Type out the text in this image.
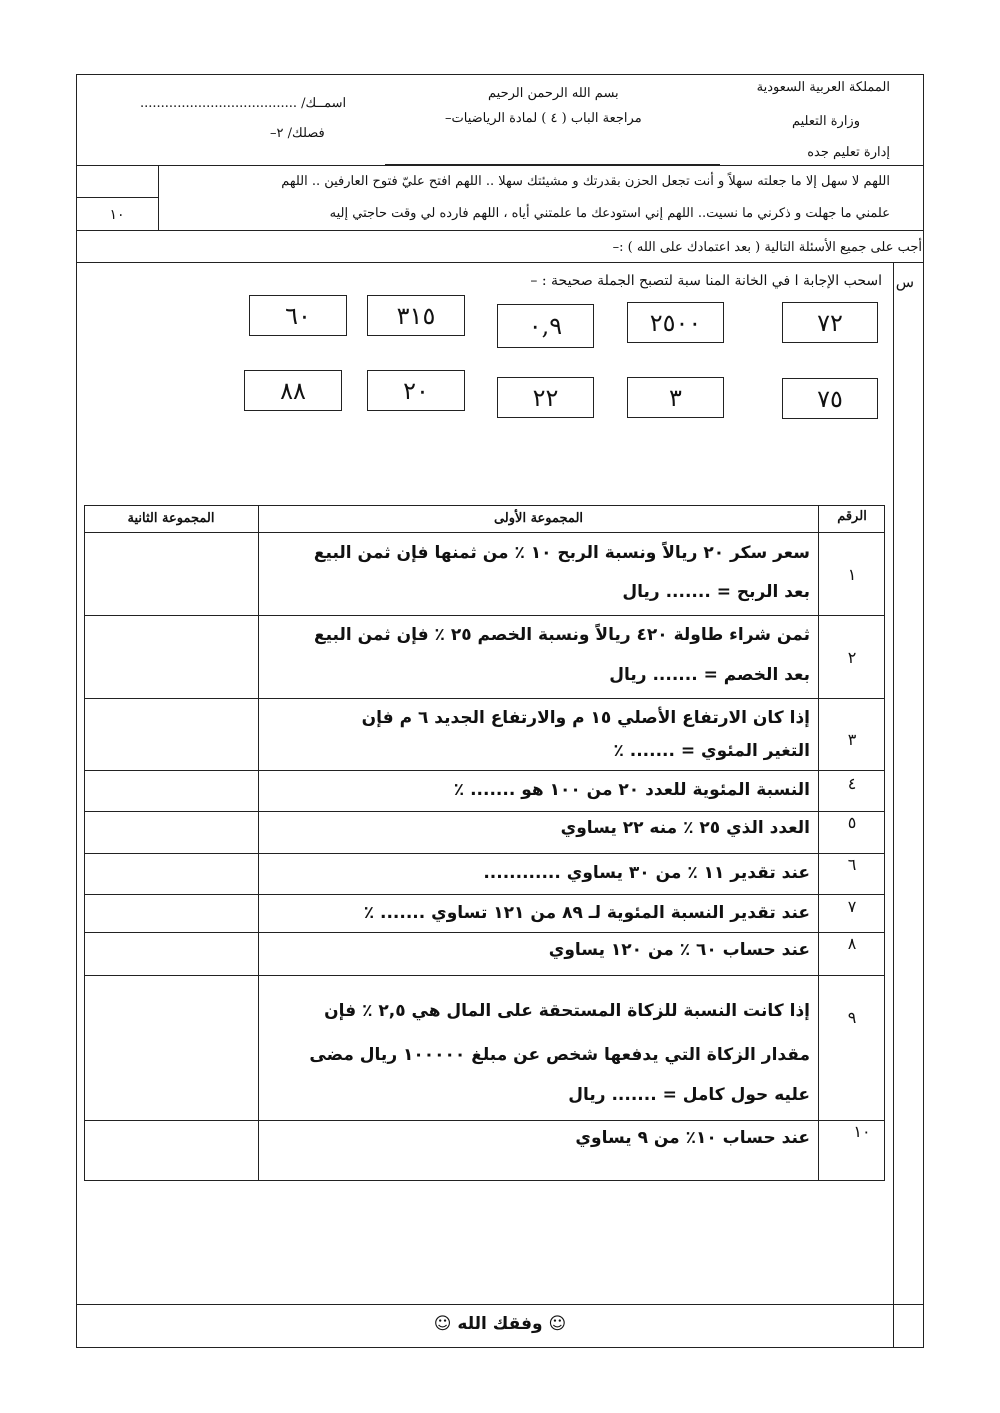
المملكة العربية السعودية
وزارة التعليم
إدارة تعليم جده
بسم الله الرحمن الرحيم
مراجعة الباب ( ٤ ) لمادة الرياضيات–
اسمــك/ ......................................
فصلك/ ٢–
١٠
اللهم لا سهل إلا ما جعلته سهلاً و أنت تجعل الحزن بقدرتك و مشيئتك سهلا .. اللهم افتح عليّ فتوح العارفين .. اللهم
علمني ما جهلت و ذكرني ما نسيت.. اللهم إني استودعك ما علمتني أياه ، اللهم فارده لي وقت حاجتي إليه
أجب على جميع الأسئلة التالية ( بعد اعتمادك على الله ) :–
س
اسحب الإجابة ا في الخانة المنا سبة لتصبح الجملة صحيحة : –
٧٢
٢٥٠٠
٠,٩
٣١٥
٦٠
٧٥
٣
٢٢
٢٠
٨٨
الرقم
المجموعة الأولى
المجموعة الثانية
١
سعر سكر ٢٠ ريالاً ونسبة الربح ١٠ ٪ من ثمنها فإن ثمن البيع
بعد الربح = ....... ريال
٢
ثمن شراء طاولة ٤٢٠ ريالاً ونسبة الخصم ٢٥ ٪ فإن ثمن البيع
بعد الخصم = ....... ريال
٣
إذا كان الارتفاع الأصلي ١٥ م والارتفاع الجديد ٦ م فإن
التغير المئوي = ....... ٪
٤
النسبة المئوية للعدد ٢٠ من ١٠٠ هو ....... ٪
٥
العدد الذي ٢٥ ٪ منه ٢٢ يساوي
٦
عند تقدير ١١ ٪ من ٣٠ يساوي ............
٧
عند تقدير النسبة المئوية لـ ٨٩ من ١٢١ تساوي ....... ٪
٨
عند حساب ٦٠ ٪ من ١٢٠ يساوي
٩
إذا كانت النسبة للزكاة المستحقة على المال هي ٢,٥ ٪ فإن
مقدار الزكاة التي يدفعها شخص عن مبلغ ١٠٠٠٠٠ ريال مضى
عليه حول كامل = ....... ريال
١٠
عند حساب ١٠٪ من ٩ يساوي
☺ وفقك الله ☺
